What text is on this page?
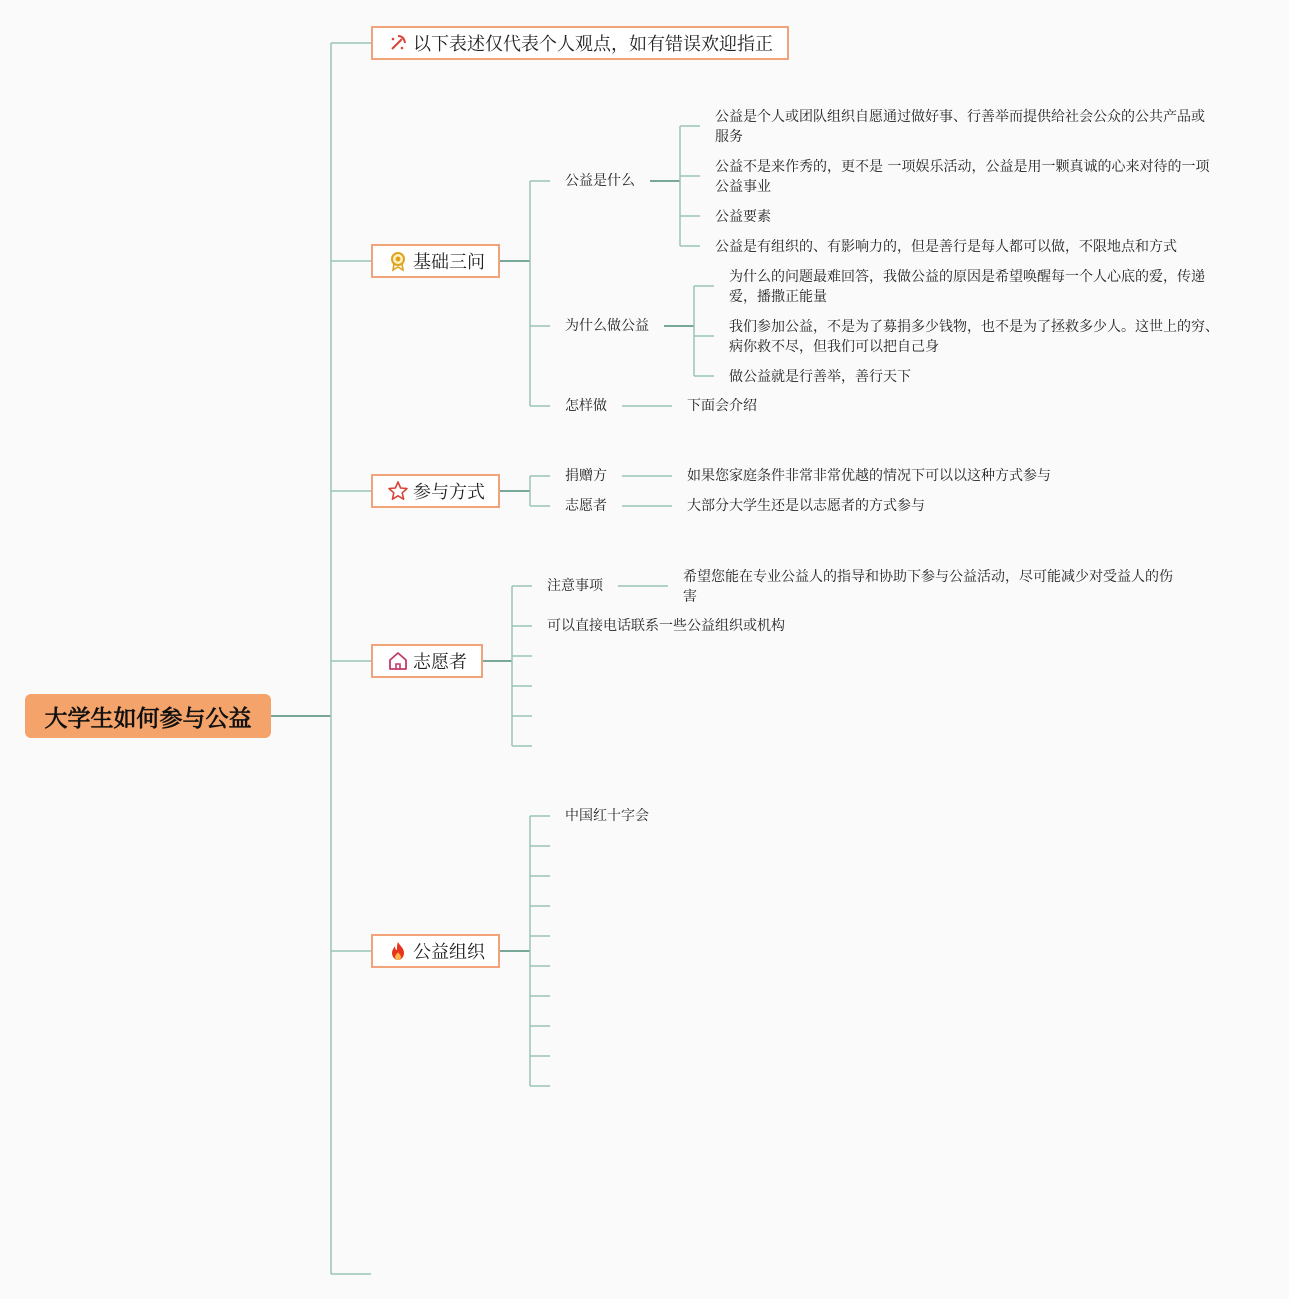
大学生如何参与公益
以下表述仅代表个人观点，如有错误欢迎指正
基础三问
公益是什么
公益是个人或团队组织自愿通过做好事、行善举而提供给社会公众的公共产品或服务
公益不是来作秀的，更不是 一项娱乐活动，公益是用一颗真诚的心来对待的一项公益事业
公益要素
公益是有组织的、有影响力的，但是善行是每人都可以做，不限地点和方式
为什么做公益
为什么的问题最难回答，我做公益的原因是希望唤醒每一个人心底的爱，传递爱，播撒正能量
我们参加公益，不是为了募捐多少钱物，也不是为了拯救多少人。这世上的穷、病你救不尽，但我们可以把自己身
做公益就是行善举，善行天下
怎样做	下面会介绍
参与方式
捐赠方	如果您家庭条件非常非常优越的情况下可以以这种方式参与
志愿者	大部分大学生还是以志愿者的方式参与
志愿者
注意事项
希望您能在专业公益人的指导和协助下参与公益活动，尽可能减少对受益人的伤害
可以直接电话联系一些公益组织或机构
公益组织
中国红十字会
